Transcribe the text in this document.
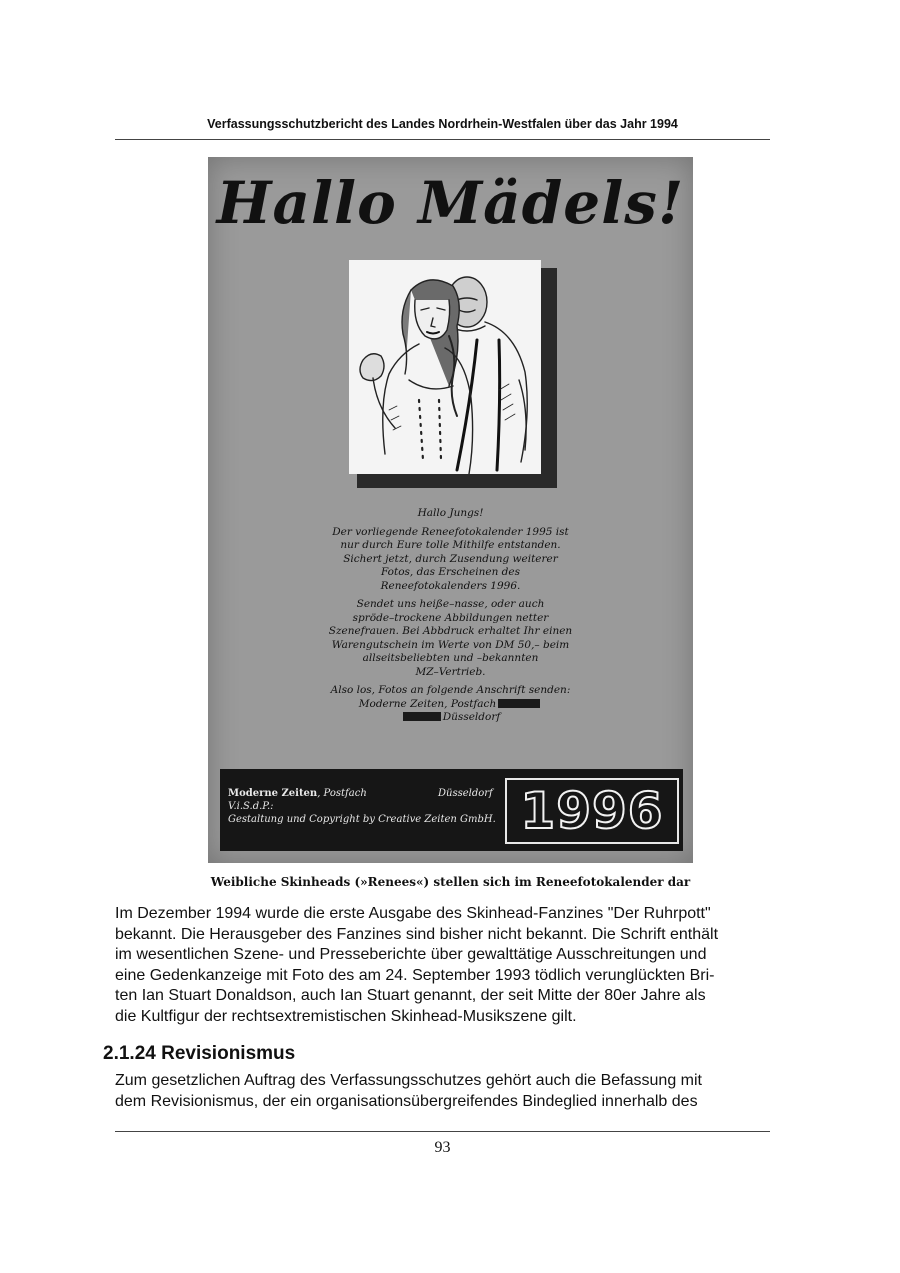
Verfassungsschutzbericht des Landes Nordrhein-Westfalen über das Jahr 1994
Hallo Mädels!

Hallo Jungs!

Der vorliegende Reneefotokalender 1995 ist
nur durch Eure tolle Mithilfe entstanden.
Sichert jetzt, durch Zusendung weiterer
Fotos, das Erscheinen des
Reneefotokalenders 1996.

Sendet uns heiße–nasse, oder auch
spröde–trockene Abbildungen netter
Szenefrauen. Bei Abbdruck erhaltet Ihr einen
Warengutschein im Werte von DM 50,– beim
allseitsbeliebten und –bekannten
MZ–Vertrieb.

Also los, Fotos an folgende Anschrift senden:
Moderne Zeiten, Postfach
Düsseldorf

Moderne Zeiten, Postfach	Düsseldorf
V.i.S.d.P.:
Gestaltung und Copyright by Creative Zeiten GmbH. 1996
Weibliche Skinheads (»Renees«) stellen sich im Reneefotokalender dar
Im Dezember 1994 wurde die erste Ausgabe des Skinhead-Fanzines "Der Ruhrpott"
bekannt. Die Herausgeber des Fanzines sind bisher nicht bekannt. Die Schrift enthält
im wesentlichen Szene- und Presseberichte über gewalttätige Ausschreitungen und
eine Gedenkanzeige mit Foto des am 24. September 1993 tödlich verunglückten Bri-
ten Ian Stuart Donaldson, auch Ian Stuart genannt, der seit Mitte der 80er Jahre als
die Kultfigur der rechtsextremistischen Skinhead-Musikszene gilt.
2.1.24 Revisionismus
Zum gesetzlichen Auftrag des Verfassungsschutzes gehört auch die Befassung mit
dem Revisionismus, der ein organisationsübergreifendes Bindeglied innerhalb des
93
